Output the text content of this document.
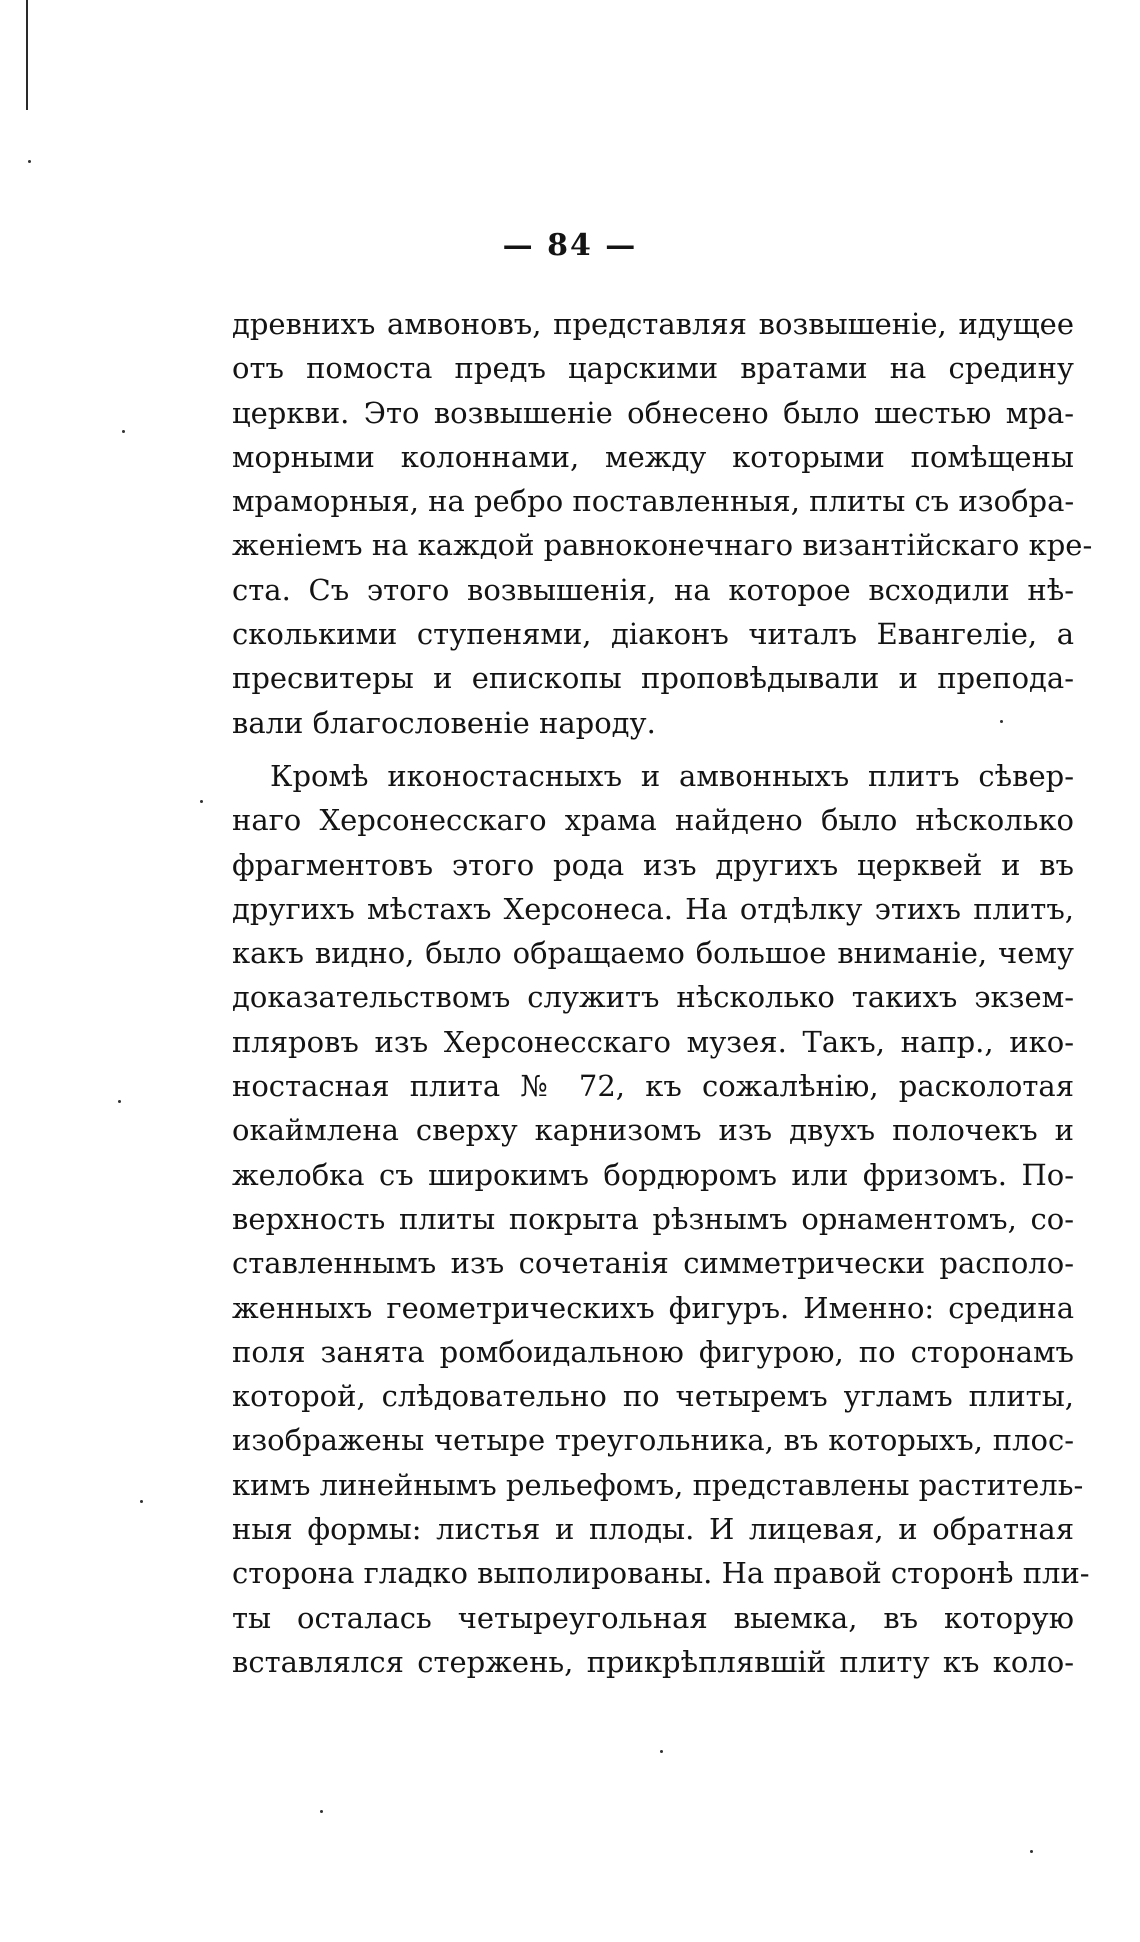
— 84 —
древнихъ амвоновъ, представляя возвышеніе, идущее
отъ помоста предъ царскими вратами на средину
церкви. Это возвышеніе обнесено было шестью мра-
морными колоннами, между которыми помѣщены
мраморныя, на ребро поставленныя, плиты съ изобра-
женіемъ на каждой равноконечнаго византійскаго кре-
ста. Съ этого возвышенія, на которое всходили нѣ-
сколькими ступенями, діаконъ читалъ Евангеліе, а
пресвитеры и епископы проповѣдывали и препода-
вали благословеніе народу.
Кромѣ иконостасныхъ и амвонныхъ плитъ сѣвер-
наго Херсонесскаго храма найдено было нѣсколько
фрагментовъ этого рода изъ другихъ церквей и въ
другихъ мѣстахъ Херсонеса. На отдѣлку этихъ плитъ,
какъ видно, было обращаемо большое вниманіе, чему
доказательствомъ служитъ нѣсколько такихъ экзем-
пляровъ изъ Херсонесскаго музея. Такъ, напр., ико-
ностасная плита № 72, къ сожалѣнію, расколотая
окаймлена сверху карнизомъ изъ двухъ полочекъ и
желобка съ широкимъ бордюромъ или фризомъ. По-
верхность плиты покрыта рѣзнымъ орнаментомъ, со-
ставленнымъ изъ сочетанія симметрически располо-
женныхъ геометрическихъ фигуръ. Именно: средина
поля занята ромбоидальною фигурою, по сторонамъ
которой, слѣдовательно по четыремъ угламъ плиты,
изображены четыре треугольника, въ которыхъ, плос-
кимъ линейнымъ рельефомъ, представлены раститель-
ныя формы: листья и плоды. И лицевая, и обратная
сторона гладко выполированы. На правой сторонѣ пли-
ты осталась четыреугольная выемка, въ которую
вставлялся стержень, прикрѣплявшій плиту къ коло-
